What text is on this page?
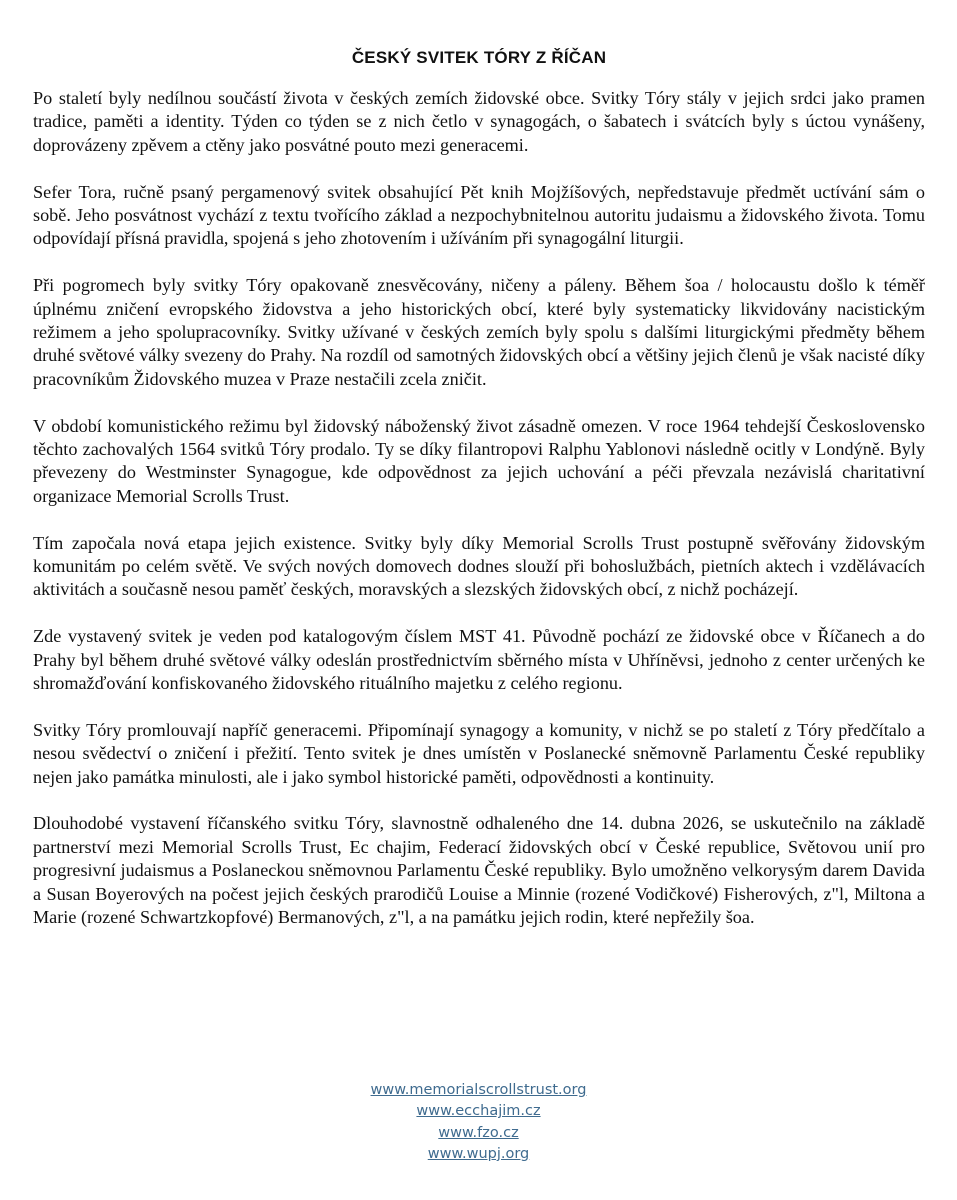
ČESKÝ SVITEK TÓRY Z ŘÍČAN

Po staletí byly nedílnou součástí života v českých zemích židovské obce. Svitky Tóry stály v jejich srdci jako pramen tradice, paměti a identity. Týden co týden se z nich četlo v synagogách, o šabatech i svátcích byly s úctou vynášeny, doprovázeny zpěvem a ctěny jako posvátné pouto mezi generacemi.

Sefer Tora, ručně psaný pergamenový svitek obsahující Pět knih Mojžíšových, nepředstavuje předmět uctívání sám o sobě. Jeho posvátnost vychází z textu tvořícího základ a nezpochybnitelnou autoritu judaismu a židovského života. Tomu odpovídají přísná pravidla, spojená s jeho zhotovením i užíváním při synagogální liturgii.

Při pogromech byly svitky Tóry opakovaně znesvěcovány, ničeny a páleny. Během šoa / holocaustu došlo k téměř úplnému zničení evropského židovstva a jeho historických obcí, které byly systematicky likvidovány nacistickým režimem a jeho spolupracovníky. Svitky užívané v českých zemích byly spolu s dalšími liturgickými předměty během druhé světové války svezeny do Prahy. Na rozdíl od samotných židovských obcí a většiny jejich členů je však nacisté díky pracovníkům Židovského muzea v Praze nestačili zcela zničit.

V období komunistického režimu byl židovský náboženský život zásadně omezen. V roce 1964 tehdejší Československo těchto zachovalých 1564 svitků Tóry prodalo. Ty se díky filantropovi Ralphu Yablonovi následně ocitly v Londýně. Byly převezeny do Westminster Synagogue, kde odpovědnost za jejich uchování a péči převzala nezávislá charitativní organizace Memorial Scrolls Trust.

Tím započala nová etapa jejich existence. Svitky byly díky Memorial Scrolls Trust postupně svěřovány židovským komunitám po celém světě. Ve svých nových domovech dodnes slouží při bohoslužbách, pietních aktech i vzdělávacích aktivitách a současně nesou paměť českých, moravských a slezských židovských obcí, z nichž pocházejí.

Zde vystavený svitek je veden pod katalogovým číslem MST 41. Původně pochází ze židovské obce v Říčanech a do Prahy byl během druhé světové války odeslán prostřednictvím sběrného místa v Uhříněvsi, jednoho z center určených ke shromažďování konfiskovaného židovského rituálního majetku z celého regionu.

Svitky Tóry promlouvají napříč generacemi. Připomínají synagogy a komunity, v nichž se po staletí z Tóry předčítalo a nesou svědectví o zničení i přežití. Tento svitek je dnes umístěn v Poslanecké sněmovně Parlamentu České republiky nejen jako památka minulosti, ale i jako symbol historické paměti, odpovědnosti a kontinuity.

Dlouhodobé vystavení říčanského svitku Tóry, slavnostně odhaleného dne 14. dubna 2026, se uskutečnilo na základě partnerství mezi Memorial Scrolls Trust, Ec chajim, Federací židovských obcí v České republice, Světovou unií pro progresivní judaismus a Poslaneckou sněmovnou Parlamentu České republiky. Bylo umožněno velkorysým darem Davida a Susan Boyerových na počest jejich českých prarodičů Louise a Minnie (rozené Vodičkové) Fisherových, z"l, Miltona a Marie (rozené Schwartzkopfové) Bermanových, z"l, a na památku jejich rodin, které nepřežily šoa.

www.memorialscrollstrust.org
www.ecchajim.cz
www.fzo.cz
www.wupj.org
